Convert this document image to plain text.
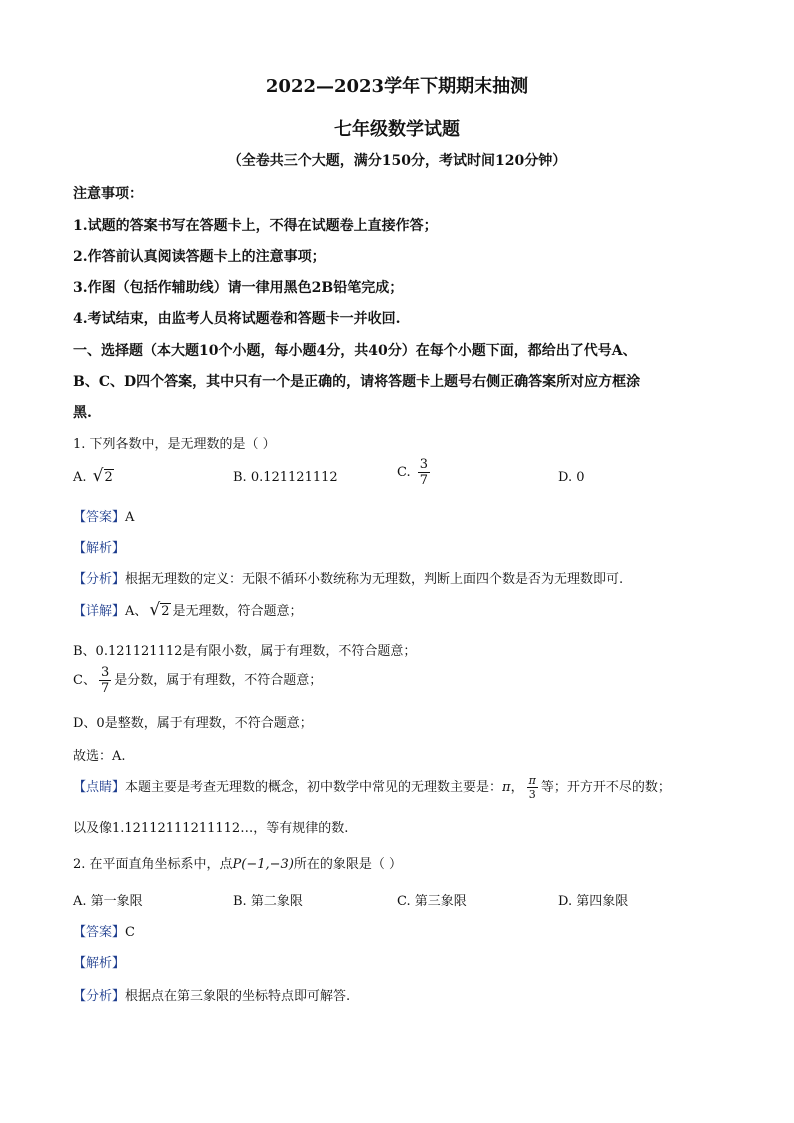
2022—2023学年下期期末抽测
七年级数学试题
（全卷共三个大题，满分150分，考试时间120分钟）
注意事项：
1.试题的答案书写在答题卡上，不得在试题卷上直接作答；
2.作答前认真阅读答题卡上的注意事项；
3.作图（包括作辅助线）请一律用黑色2B铅笔完成；
4.考试结束，由监考人员将试题卷和答题卡一并收回.
一、选择题（本大题10个小题，每小题4分，共40分）在每个小题下面，都给出了代号A、
B、C、D四个答案，其中只有一个是正确的，请将答题卡上题号右侧正确答案所对应方框涂
黑.
1. 下列各数中，是无理数的是（ ）
A. √2	B. 0.121121112	C. $\frac{3}{7}$	D. 0
【答案】A
【解析】
【分析】根据无理数的定义：无限不循环小数统称为无理数，判断上面四个数是否为无理数即可.
【详解】A、 √2 是无理数，符合题意；
B、0.121121112是有限小数，属于有理数，不符合题意；
C、 $\frac{3}{7}$ 是分数，属于有理数，不符合题意；
D、0是整数，属于有理数，不符合题意；
故选：A.
【点睛】本题主要是考查无理数的概念，初中数学中常见的无理数主要是：π， $\frac{\pi}{3}$ 等；开方开不尽的数；
以及像1.12112111211112…，等有规律的数.
2. 在平面直角坐标系中，点P(−1,−3)所在的象限是（ ）
A. 第一象限	B. 第二象限	C. 第三象限	D. 第四象限
【答案】C
【解析】
【分析】根据点在第三象限的坐标特点即可解答.
